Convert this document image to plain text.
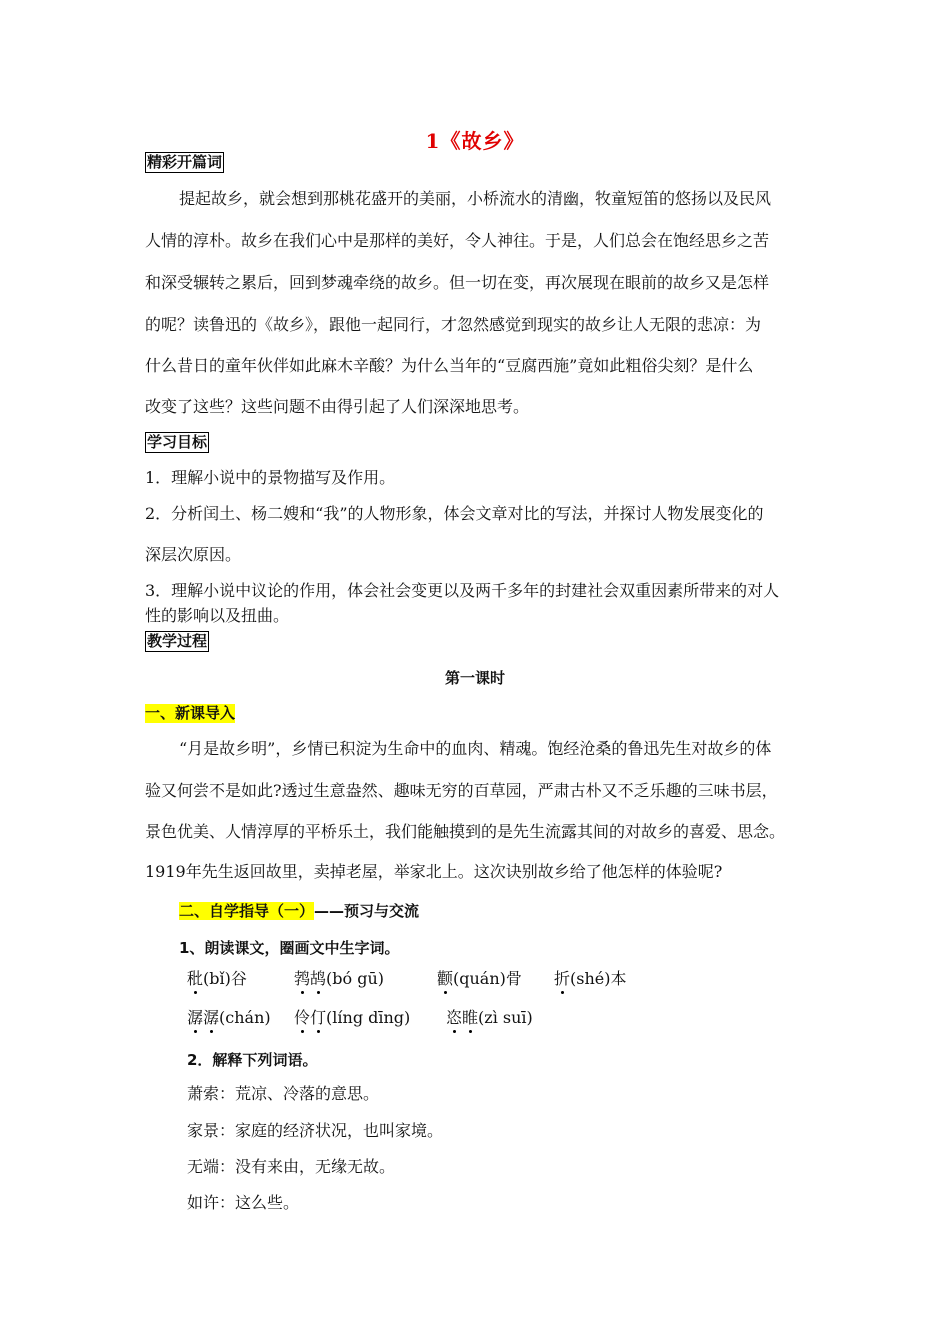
1《故乡》
精彩开篇词
提起故乡，就会想到那桃花盛开的美丽，小桥流水的清幽，牧童短笛的悠扬以及民风
人情的淳朴。故乡在我们心中是那样的美好，令人神往。于是，人们总会在饱经思乡之苦
和深受辗转之累后，回到梦魂牵绕的故乡。但一切在变，再次展现在眼前的故乡又是怎样
的呢？读鲁迅的《故乡》，跟他一起同行，才忽然感觉到现实的故乡让人无限的悲凉：为
什么昔日的童年伙伴如此麻木辛酸？为什么当年的“豆腐西施”竟如此粗俗尖刻？是什么
改变了这些？这些问题不由得引起了人们深深地思考。
学习目标
1．理解小说中的景物描写及作用。
2．分析闰土、杨二嫂和“我”的人物形象，体会文章对比的写法，并探讨人物发展变化的
深层次原因。
3．理解小说中议论的作用，体会社会变更以及两千多年的封建社会双重因素所带来的对人
性的影响以及扭曲。
教学过程
第一课时
一、新课导入
“月是故乡明”，乡情已积淀为生命中的血肉、精魂。饱经沧桑的鲁迅先生对故乡的体
验又何尝不是如此?透过生意盎然、趣味无穷的百草园，严肃古朴又不乏乐趣的三味书层，
景色优美、人情淳厚的平桥乐土，我们能触摸到的是先生流露其间的对故乡的喜爱、思念。
1919年先生返回故里，卖掉老屋，举家北上。这次诀别故乡给了他怎样的体验呢?
二、自学指导（一）——预习与交流
1、朗读课文，圈画文中生字词。
秕(bǐ)谷	鹁鸪(bó gū)	颧(quán)骨 折(shé)本
潺潺(chán) 伶仃(líng dīng) 恣睢(zì suī)
2．解释下列词语。
萧索：荒凉、冷落的意思。
家景：家庭的经济状况，也叫家境。
无端：没有来由，无缘无故。
如许：这么些。
